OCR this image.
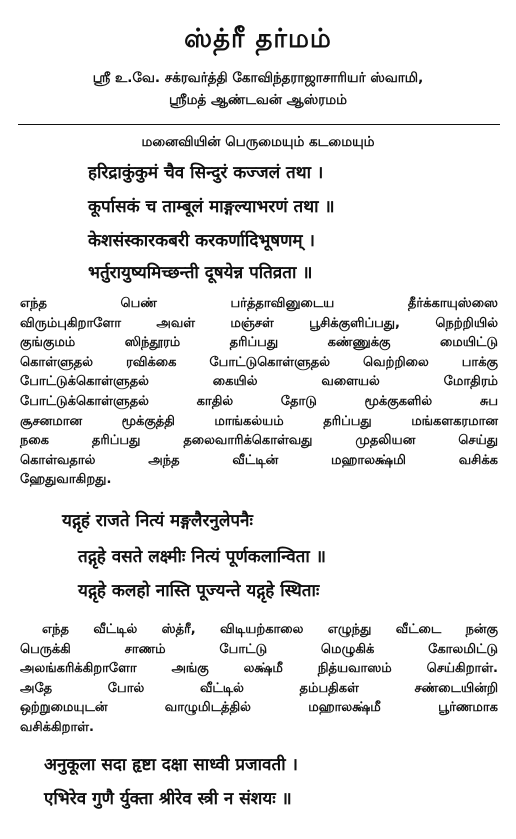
ஸ்த்ரீ தர்மம்
ஸ்ரீ உ.வே. சக்ரவர்த்தி கோவிந்தராஜாசாரியர் ஸ்வாமி,
ஸ்ரீமத் ஆண்டவன் ஆஸ்ரமம்
மனைவியின் பெருமையும் கடமையும்
हरिद्राकुंकुमं चैव सिन्दुरं कज्जलं तथा ।
कूर्पासकं च ताम्बूलं माङ्गल्याभरणं तथा ॥
केशसंस्कारकबरी करकर्णादिभूषणम् ।
भर्तुरायुष्यमिच्छन्ती दूषयेन्न पतिव्रता ॥
எந்த பெண் பர்த்தாவினுடைய தீர்க்காயுஸ்ஸை
விரும்புகிறாளோ அவள் மஞ்சள் பூசிக்குளிப்பது, நெற்றியில்
குங்குமம் ஸிந்தூரம் தரிப்பது கண்ணுக்கு மையிட்டு
கொள்ளுதல் ரவிக்கை போட்டுகொள்ளுதல் வெற்றிலை பாக்கு
போட்டுக்கொள்ளுதல் கையில் வளையல் மோதிரம்
போட்டுக்கொள்ளுதல் காதில் தோடு மூக்குகளில் சுப
சூசனமான மூக்குத்தி மாங்கல்யம் தரிப்பது மங்களகரமான
நகை தரிப்பது தலைவாரிக்கொள்வது முதலியன செய்து
கொள்வதால் அந்த வீட்டின் மஹாலக்ஷ்மி வசிக்க
ஹேதுவாகிறது.
यद्गृहं राजते नित्यं मङ्गलैरनुलेपनैः
तद्गृहे वसते लक्ष्मीः नित्यं पूर्णकलान्विता ॥
यद्गृहे कलहो नास्ति पूज्यन्ते यद्गृहे स्थिताः
எந்த வீட்டில் ஸ்த்ரீ, விடியற்காலை எழுந்து வீட்டை நன்கு
பெருக்கி சாணம் போட்டு மெழுகிக் கோலமிட்டு
அலங்கரிக்கிறாளோ அங்கு லக்ஷ்மீ நித்யவாஸம் செய்கிறாள்.
அதே போல் வீட்டில் தம்பதிகள் சண்டையின்றி
ஒற்றுமையுடன் வாழுமிடத்தில் மஹாலக்ஷ்மீ பூர்ணமாக
வசிக்கிறாள்.
अनुकूला सदा हृष्टा दक्षा साध्वी प्रजावती ।
एभिरेव गुणै र्युक्ता श्रीरेव स्त्री न संशयः ॥
